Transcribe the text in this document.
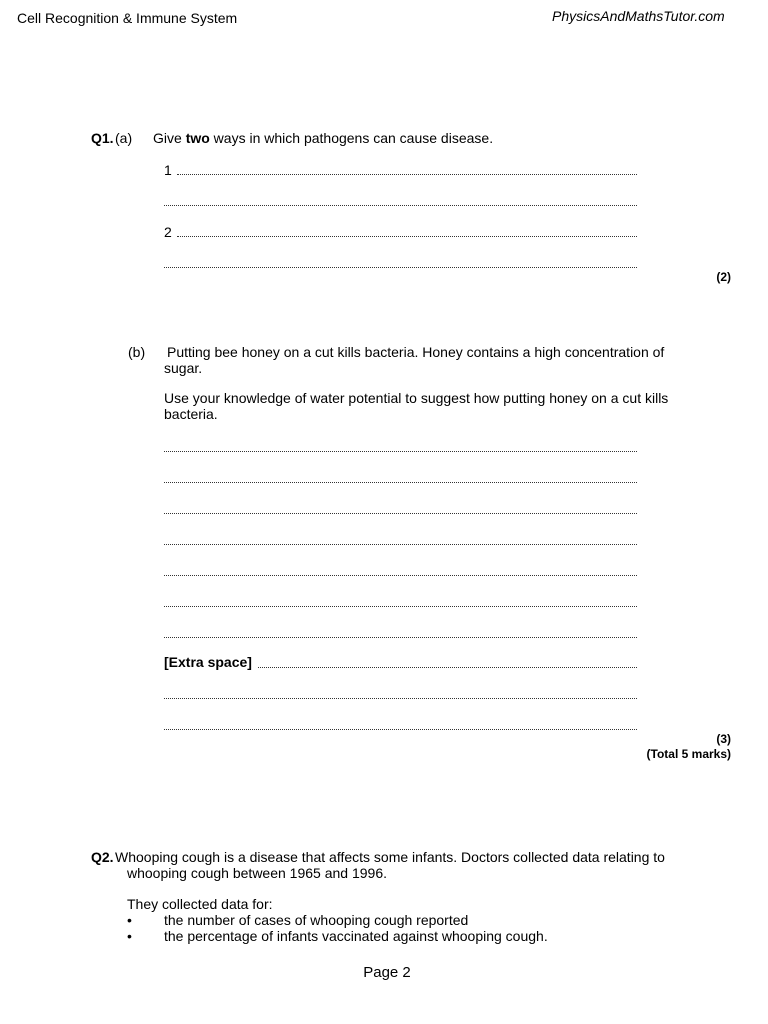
Cell Recognition & Immune System	PhysicsAndMathsTutor.com
Q1. (a) Give two ways in which pathogens can cause disease.
1
2
(2)
(b) Putting bee honey on a cut kills bacteria. Honey contains a high concentration of sugar.
Use your knowledge of water potential to suggest how putting honey on a cut kills bacteria.
[Extra space]
(3)
(Total 5 marks)
Q2. Whooping cough is a disease that affects some infants. Doctors collected data relating to whooping cough between 1965 and 1996.
They collected data for:
• the number of cases of whooping cough reported
• the percentage of infants vaccinated against whooping cough.
Page 2
